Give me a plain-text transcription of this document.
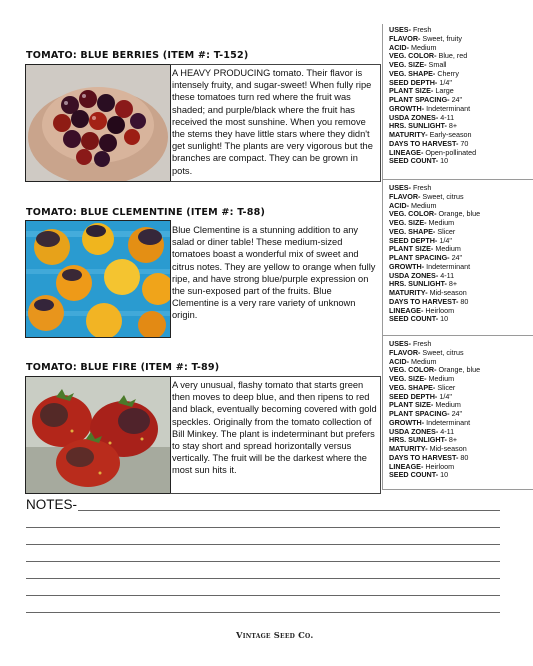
TOMATO: BLUE BERRIES (ITEM #: T-152)
A HEAVY PRODUCING tomato. Their flavor is intensely fruity, and sugar-sweet! When fully ripe these tomatoes turn red where the fruit was shaded; and purple/black where the fruit has received the most sunshine. When you remove the stems they have little stars where they didn't get sunlight! The plants are very vigorous but the branches are compact. They can be grown in pots.
USES- Fresh
FLAVOR- Sweet, fruity
ACID- Medium
VEG. COLOR- Blue, red
VEG. SIZE- Small
VEG. SHAPE- Cherry
SEED DEPTH- 1/4"
PLANT SIZE- Large
PLANT SPACING- 24"
GROWTH- Indeterminant
USDA ZONES- 4-11
HRS. SUNLIGHT- 8+
MATURITY- Early-season
DAYS TO HARVEST- 70
LINEAGE- Open-pollinated
SEED COUNT- 10
TOMATO: BLUE CLEMENTINE (ITEM #: T-88)
Blue Clementine is a stunning addition to any salad or diner table! These medium-sized tomatoes boast a wonderful mix of sweet and citrus notes. They are yellow to orange when fully ripe, and have strong blue/purple expression on the sun-exposed part of the fruits. Blue Clementine is a very rare variety of unknown origin.
USES- Fresh
FLAVOR- Sweet, citrus
ACID- Medium
VEG. COLOR- Orange, blue
VEG. SIZE- Medium
VEG. SHAPE- Slicer
SEED DEPTH- 1/4"
PLANT SIZE- Medium
PLANT SPACING- 24"
GROWTH- Indeterminant
USDA ZONES- 4-11
HRS. SUNLIGHT- 8+
MATURITY- Mid-season
DAYS TO HARVEST- 80
LINEAGE- Heirloom
SEED COUNT- 10
TOMATO: BLUE FIRE (ITEM #: T-89)
A very unusual, flashy tomato that starts green then moves to deep blue, and then ripens to red and black, eventually becoming covered with gold speckles. Originally from the tomato collection of Bill Minkey. The plant is indeterminant but prefers to stay short and spread horizontally versus vertically. The fruit will be the darkest where the most sun hits it.
USES- Fresh
FLAVOR- Sweet, citrus
ACID- Medium
VEG. COLOR- Orange, blue
VEG. SIZE- Medium
VEG. SHAPE- Slicer
SEED DEPTH- 1/4"
PLANT SIZE- Medium
PLANT SPACING- 24"
GROWTH- Indeterminant
USDA ZONES- 4-11
HRS. SUNLIGHT- 8+
MATURITY- Mid-season
DAYS TO HARVEST- 80
LINEAGE- Heirloom
SEED COUNT- 10
NOTES-
Vintage Seed Co.
